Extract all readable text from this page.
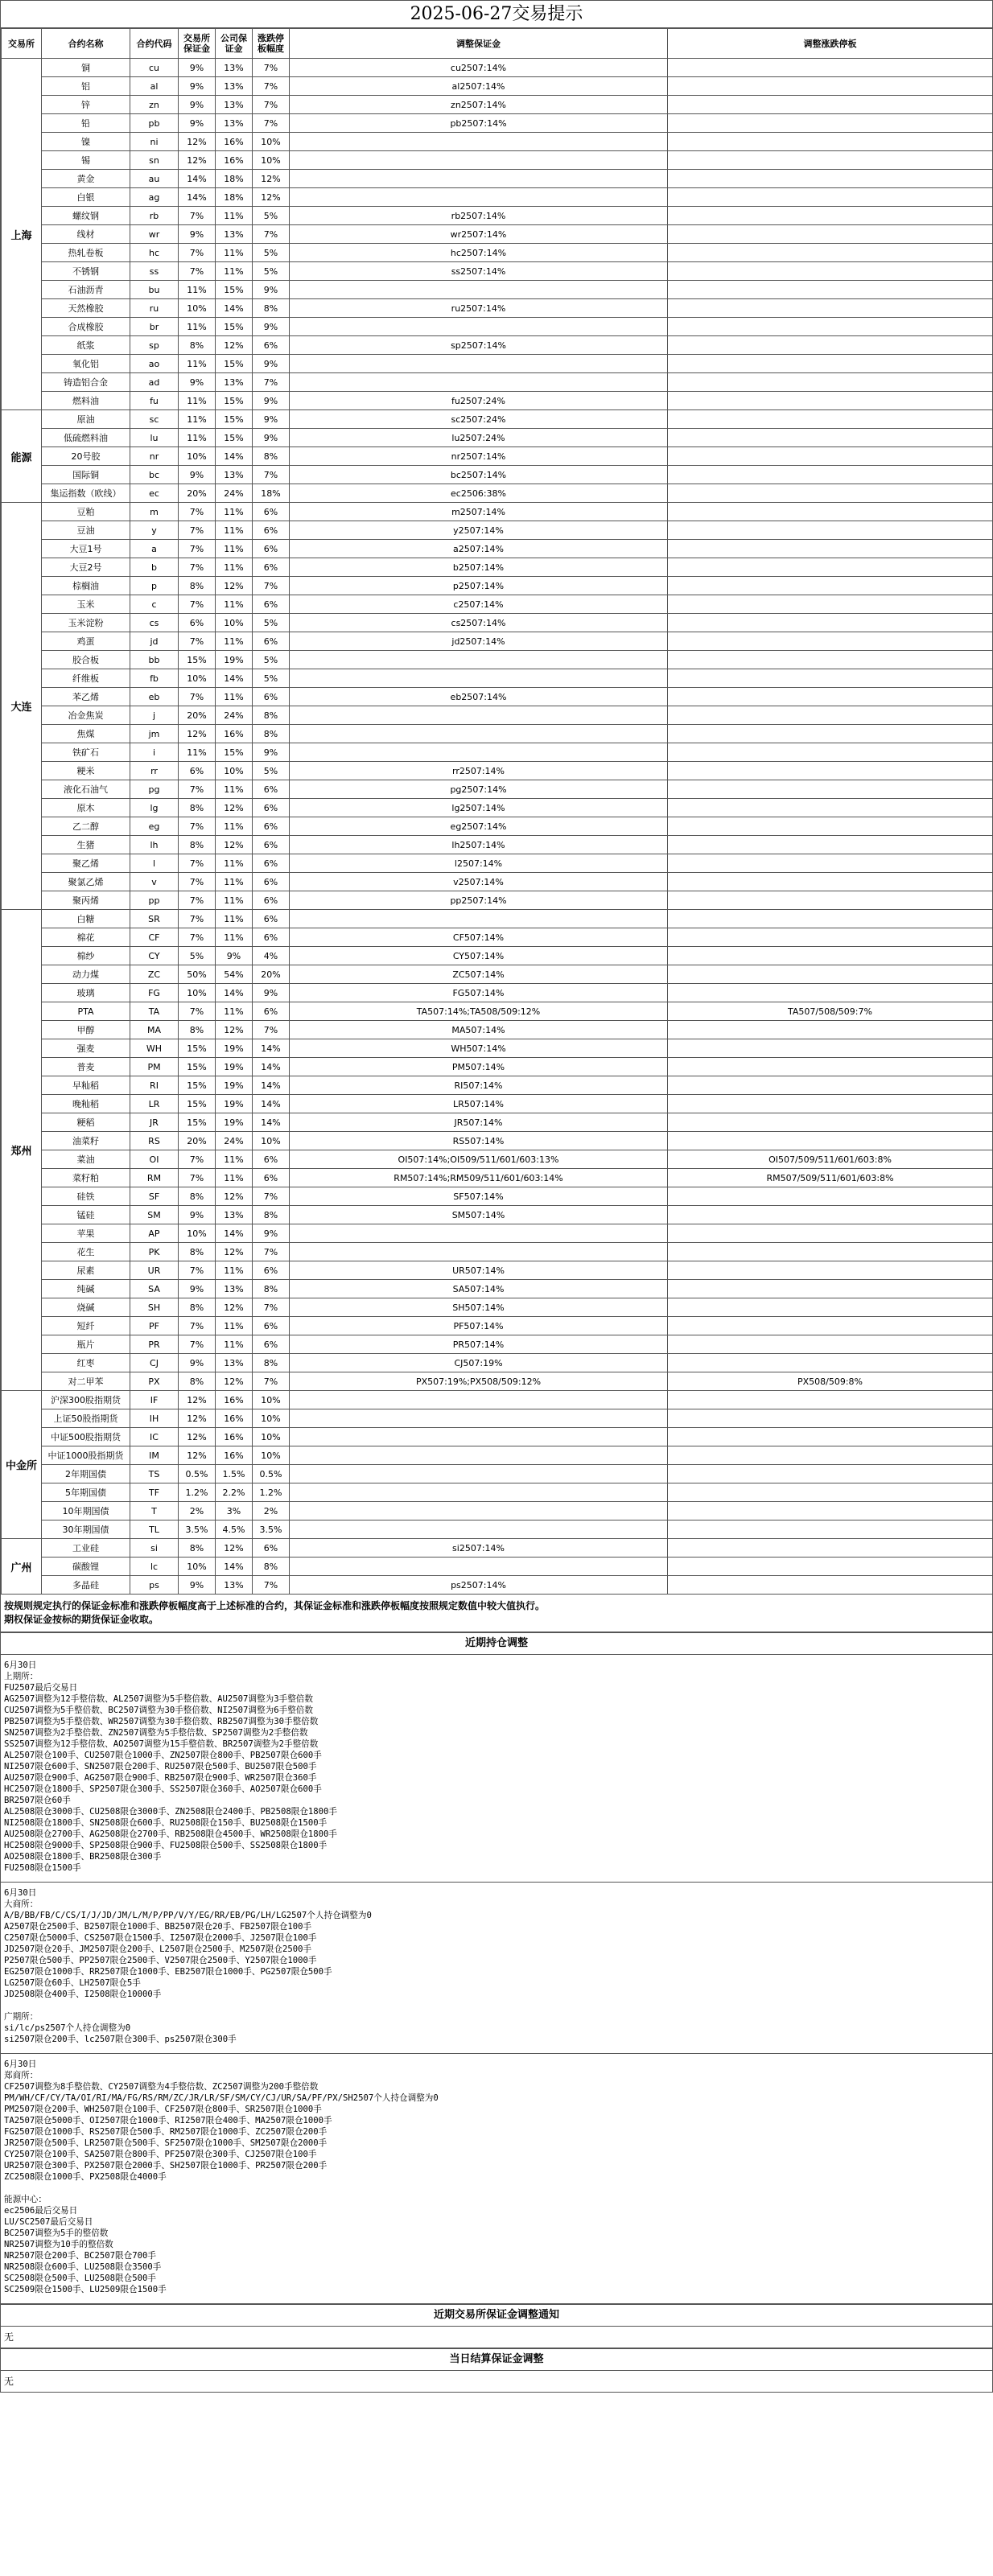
2025-06-27交易提示
交易所	合约名称	合约代码	交易所保证金	公司保证金	涨跌停板幅度	调整保证金	调整涨跌停板
上海	铜	cu	9%	13%	7%	cu2507:14%	
	铝	al	9%	13%	7%	al2507:14%	
	锌	zn	9%	13%	7%	zn2507:14%	
	铅	pb	9%	13%	7%	pb2507:14%	
	镍	ni	12%	16%	10%		
	锡	sn	12%	16%	10%		
	黄金	au	14%	18%	12%		
	白银	ag	14%	18%	12%		
	螺纹钢	rb	7%	11%	5%	rb2507:14%	
	线材	wr	9%	13%	7%	wr2507:14%	
	热轧卷板	hc	7%	11%	5%	hc2507:14%	
	不锈钢	ss	7%	11%	5%	ss2507:14%	
	石油沥青	bu	11%	15%	9%		
	天然橡胶	ru	10%	14%	8%	ru2507:14%	
	合成橡胶	br	11%	15%	9%		
	纸浆	sp	8%	12%	6%	sp2507:14%	
	氧化铝	ao	11%	15%	9%		
	铸造铝合金	ad	9%	13%	7%		
	燃料油	fu	11%	15%	9%	fu2507:24%	
能源	原油	sc	11%	15%	9%	sc2507:24%	
	低硫燃料油	lu	11%	15%	9%	lu2507:24%	
	20号胶	nr	10%	14%	8%	nr2507:14%	
	国际铜	bc	9%	13%	7%	bc2507:14%	
	集运指数（欧线）	ec	20%	24%	18%	ec2506:38%	
大连	豆粕	m	7%	11%	6%	m2507:14%	
	豆油	y	7%	11%	6%	y2507:14%	
	大豆1号	a	7%	11%	6%	a2507:14%	
	大豆2号	b	7%	11%	6%	b2507:14%	
	棕榈油	p	8%	12%	7%	p2507:14%	
	玉米	c	7%	11%	6%	c2507:14%	
	玉米淀粉	cs	6%	10%	5%	cs2507:14%	
	鸡蛋	jd	7%	11%	6%	jd2507:14%	
	胶合板	bb	15%	19%	5%		
	纤维板	fb	10%	14%	5%		
	苯乙烯	eb	7%	11%	6%	eb2507:14%	
	冶金焦炭	j	20%	24%	8%		
	焦煤	jm	12%	16%	8%		
	铁矿石	i	11%	15%	9%		
	粳米	rr	6%	10%	5%	rr2507:14%	
	液化石油气	pg	7%	11%	6%	pg2507:14%	
	原木	lg	8%	12%	6%	lg2507:14%	
	乙二醇	eg	7%	11%	6%	eg2507:14%	
	生猪	lh	8%	12%	6%	lh2507:14%	
	聚乙烯	l	7%	11%	6%	l2507:14%	
	聚氯乙烯	v	7%	11%	6%	v2507:14%	
	聚丙烯	pp	7%	11%	6%	pp2507:14%	
郑州	白糖	SR	7%	11%	6%		
	棉花	CF	7%	11%	6%	CF507:14%	
	棉纱	CY	5%	9%	4%	CY507:14%	
	动力煤	ZC	50%	54%	20%	ZC507:14%	
	玻璃	FG	10%	14%	9%	FG507:14%	
	PTA	TA	7%	11%	6%	TA507:14%;TA508/509:12%	TA507/508/509:7%
	甲醇	MA	8%	12%	7%	MA507:14%	
	强麦	WH	15%	19%	14%	WH507:14%	
	普麦	PM	15%	19%	14%	PM507:14%	
	早籼稻	RI	15%	19%	14%	RI507:14%	
	晚籼稻	LR	15%	19%	14%	LR507:14%	
	粳稻	JR	15%	19%	14%	JR507:14%	
	油菜籽	RS	20%	24%	10%	RS507:14%	
	菜油	OI	7%	11%	6%	OI507:14%;OI509/511/601/603:13%	OI507/509/511/601/603:8%
	菜籽粕	RM	7%	11%	6%	RM507:14%;RM509/511/601/603:14%	RM507/509/511/601/603:8%
	硅铁	SF	8%	12%	7%	SF507:14%	
	锰硅	SM	9%	13%	8%	SM507:14%	
	苹果	AP	10%	14%	9%		
	花生	PK	8%	12%	7%		
	尿素	UR	7%	11%	6%	UR507:14%	
	纯碱	SA	9%	13%	8%	SA507:14%	
	烧碱	SH	8%	12%	7%	SH507:14%	
	短纤	PF	7%	11%	6%	PF507:14%	
	瓶片	PR	7%	11%	6%	PR507:14%	
	红枣	CJ	9%	13%	8%	CJ507:19%	
	对二甲苯	PX	8%	12%	7%	PX507:19%;PX508/509:12%	PX508/509:8%
中金所	沪深300股指期货	IF	12%	16%	10%		
	上证50股指期货	IH	12%	16%	10%		
	中证500股指期货	IC	12%	16%	10%		
	中证1000股指期货	IM	12%	16%	10%		
	2年期国债	TS	0.5%	1.5%	0.5%		
	5年期国债	TF	1.2%	2.2%	1.2%		
	10年期国债	T	2%	3%	2%		
	30年期国债	TL	3.5%	4.5%	3.5%		
广州	工业硅	si	8%	12%	6%	si2507:14%	
	碳酸锂	lc	10%	14%	8%		
	多晶硅	ps	9%	13%	7%	ps2507:14%	
按规则规定执行的保证金标准和涨跌停板幅度高于上述标准的合约，其保证金标准和涨跌停板幅度按照规定数值中较大值执行。
期权保证金按标的期货保证金收取。
近期持仓调整
6月30日
上期所：
FU2507最后交易日
AG2507调整为12手整倍数、AL2507调整为5手整倍数、AU2507调整为3手整倍数
CU2507调整为5手整倍数、BC2507调整为30手整倍数、NI2507调整为6手整倍数
PB2507调整为5手整倍数、WR2507调整为30手整倍数、RB2507调整为30手整倍数
SN2507调整为2手整倍数、ZN2507调整为5手整倍数、SP2507调整为2手整倍数
SS2507调整为12手整倍数、AO2507调整为15手整倍数、BR2507调整为2手整倍数
AL2507限仓100手、CU2507限仓1000手、ZN2507限仓800手、PB2507限仓600手
NI2507限仓600手、SN2507限仓200手、RU2507限仓500手、BU2507限仓500手
AU2507限仓900手、AG2507限仓900手、RB2507限仓900手、WR2507限仓360手
HC2507限仓1800手、SP2507限仓300手、SS2507限仓360手、AO2507限仓600手
BR2507限仓60手
AL2508限仓3000手、CU2508限仓3000手、ZN2508限仓2400手、PB2508限仓1800手
NI2508限仓1800手、SN2508限仓600手、RU2508限仓150手、BU2508限仓1500手
AU2508限仓2700手、AG2508限仓2700手、RB2508限仓4500手、WR2508限仓1800手
HC2508限仓9000手、SP2508限仓900手、FU2508限仓500手、SS2508限仓1800手
AO2508限仓1800手、BR2508限仓300手
FU2508限仓1500手
6月30日
大商所：
A/B/BB/FB/C/CS/I/J/JD/JM/L/M/P/PP/V/Y/EG/RR/EB/PG/LH/LG2507个人持仓调整为0
A2507限仓2500手、B2507限仓1000手、BB2507限仓20手、FB2507限仓100手
C2507限仓5000手、CS2507限仓1500手、I2507限仓2000手、J2507限仓100手
JD2507限仓20手、JM2507限仓200手、L2507限仓2500手、M2507限仓2500手
P2507限仓500手、PP2507限仓2500手、V2507限仓2500手、Y2507限仓1000手
EG2507限仓1000手、RR2507限仓1000手、EB2507限仓1000手、PG2507限仓500手
LG2507限仓60手、LH2507限仓5手
JD2508限仓400手、I2508限仓10000手

广期所：
si/lc/ps2507个人持仓调整为0
si2507限仓200手、lc2507限仓300手、ps2507限仓300手
6月30日
郑商所：
CF2507调整为8手整倍数、CY2507调整为4手整倍数、ZC2507调整为200手整倍数
PM/WH/CF/CY/TA/OI/RI/MA/FG/RS/RM/ZC/JR/LR/SF/SM/CY/CJ/UR/SA/PF/PX/SH2507个人持仓调整为0
PM2507限仓200手、WH2507限仓100手、CF2507限仓800手、SR2507限仓1000手
TA2507限仓5000手、OI2507限仓1000手、RI2507限仓400手、MA2507限仓1000手
FG2507限仓1000手、RS2507限仓500手、RM2507限仓1000手、ZC2507限仓200手
JR2507限仓500手、LR2507限仓500手、SF2507限仓1000手、SM2507限仓2000手
CY2507限仓100手、SA2507限仓800手、PF2507限仓300手、CJ2507限仓100手
UR2507限仓300手、PX2507限仓2000手、SH2507限仓1000手、PR2507限仓200手
ZC2508限仓1000手、PX2508限仓4000手

能源中心：
ec2506最后交易日
LU/SC2507最后交易日
BC2507调整为5手的整倍数
NR2507调整为10手的整倍数
NR2507限仓200手、BC2507限仓700手
NR2508限仓600手、LU2508限仓3500手
SC2508限仓500手、LU2508限仓500手
SC2509限仓1500手、LU2509限仓1500手
近期交易所保证金调整通知
无
当日结算保证金调整
无
